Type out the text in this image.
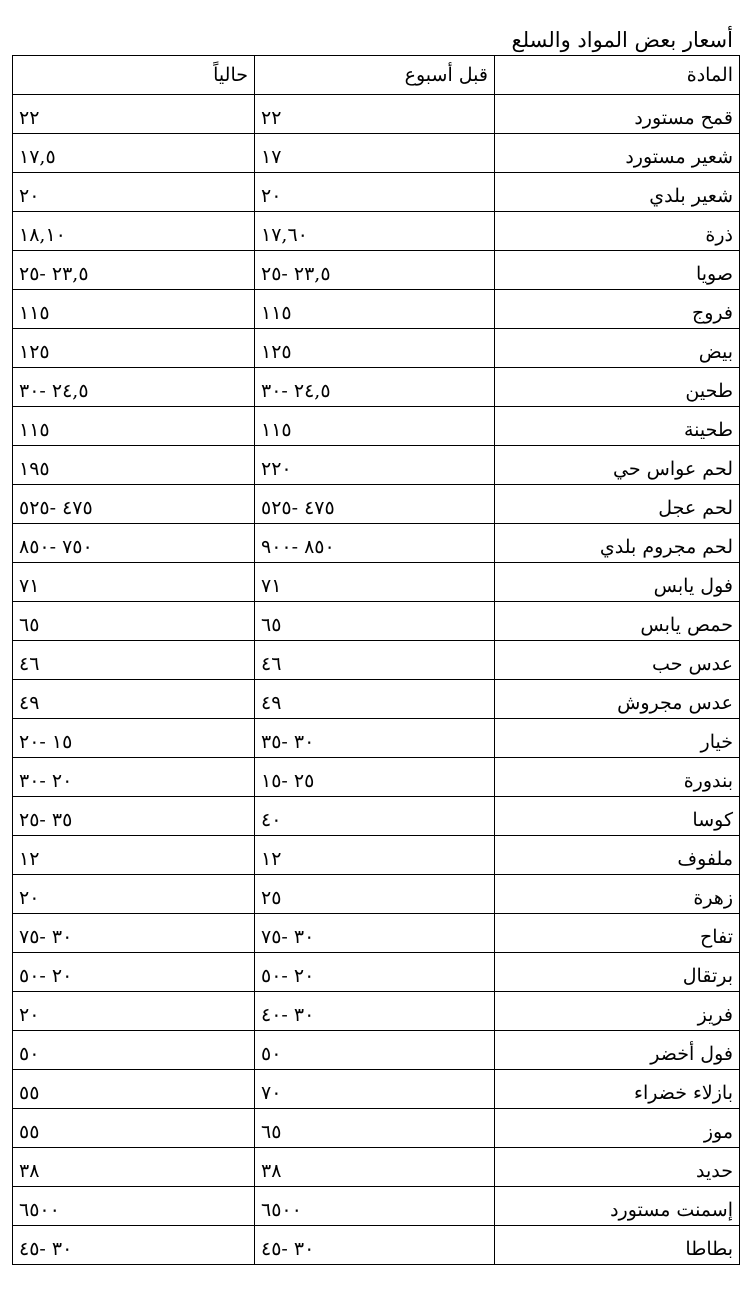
أسعار بعض المواد والسلع
المادة	قبل أسبوع	حالياً
قمح مستورد	٢٢	٢٢
شعير مستورد	١٧	١٧,٥
شعير بلدي	٢٠	٢٠
ذرة	١٧,٦٠	١٨,١٠
صويا	٢٣,٥ -٢٥	٢٣,٥ -٢٥
فروج	١١٥	١١٥
بيض	١٢٥	١٢٥
طحين	٢٤,٥ -٣٠	٢٤,٥ -٣٠
طحينة	١١٥	١١٥
لحم عواس حي	٢٢٠	١٩٥
لحم عجل	٤٧٥ -٥٢٥	٤٧٥ -٥٢٥
لحم مجروم بلدي	٨٥٠ -٩٠٠	٧٥٠ -٨٥٠
فول يابس	٧١	٧١
حمص يابس	٦٥	٦٥
عدس حب	٤٦	٤٦
عدس مجروش	٤٩	٤٩
خيار	٣٠ -٣٥	١٥ -٢٠
بندورة	٢٥ -١٥	٢٠ -٣٠
كوسا	٤٠	٣٥ -٢٥
ملفوف	١٢	١٢
زهرة	٢٥	٢٠
تفاح	٣٠ -٧٥	٣٠ -٧٥
برتقال	٢٠ -٥٠	٢٠ -٥٠
فريز	٣٠ -٤٠	٢٠
فول أخضر	٥٠	٥٠
بازلاء خضراء	٧٠	٥٥
موز	٦٥	٥٥
حديد	٣٨	٣٨
إسمنت مستورد	٦٥٠٠	٦٥٠٠
بطاطا	٣٠ -٤٥	٣٠ -٤٥
